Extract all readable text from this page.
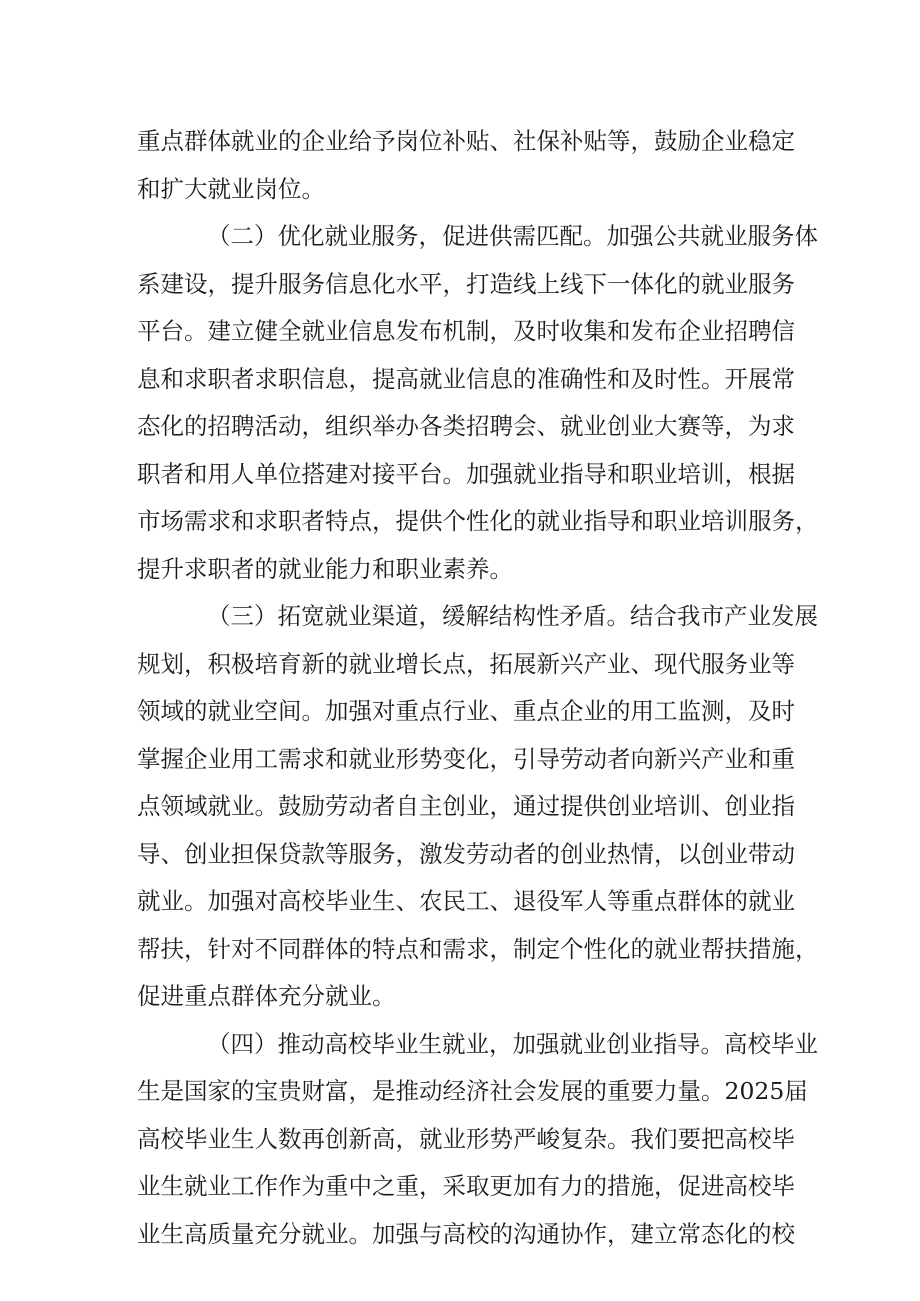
重点群体就业的企业给予岗位补贴、社保补贴等，鼓励企业稳定
和扩大就业岗位。
（二）优化就业服务，促进供需匹配。加强公共就业服务体
系建设，提升服务信息化水平，打造线上线下一体化的就业服务
平台。建立健全就业信息发布机制，及时收集和发布企业招聘信
息和求职者求职信息，提高就业信息的准确性和及时性。开展常
态化的招聘活动，组织举办各类招聘会、就业创业大赛等，为求
职者和用人单位搭建对接平台。加强就业指导和职业培训，根据
市场需求和求职者特点，提供个性化的就业指导和职业培训服务，
提升求职者的就业能力和职业素养。
（三）拓宽就业渠道，缓解结构性矛盾。结合我市产业发展
规划，积极培育新的就业增长点，拓展新兴产业、现代服务业等
领域的就业空间。加强对重点行业、重点企业的用工监测，及时
掌握企业用工需求和就业形势变化，引导劳动者向新兴产业和重
点领域就业。鼓励劳动者自主创业，通过提供创业培训、创业指
导、创业担保贷款等服务，激发劳动者的创业热情，以创业带动
就业。加强对高校毕业生、农民工、退役军人等重点群体的就业
帮扶，针对不同群体的特点和需求，制定个性化的就业帮扶措施，
促进重点群体充分就业。
（四）推动高校毕业生就业，加强就业创业指导。高校毕业
生是国家的宝贵财富，是推动经济社会发展的重要力量。2025届
高校毕业生人数再创新高，就业形势严峻复杂。我们要把高校毕
业生就业工作作为重中之重，采取更加有力的措施，促进高校毕
业生高质量充分就业。加强与高校的沟通协作，建立常态化的校
